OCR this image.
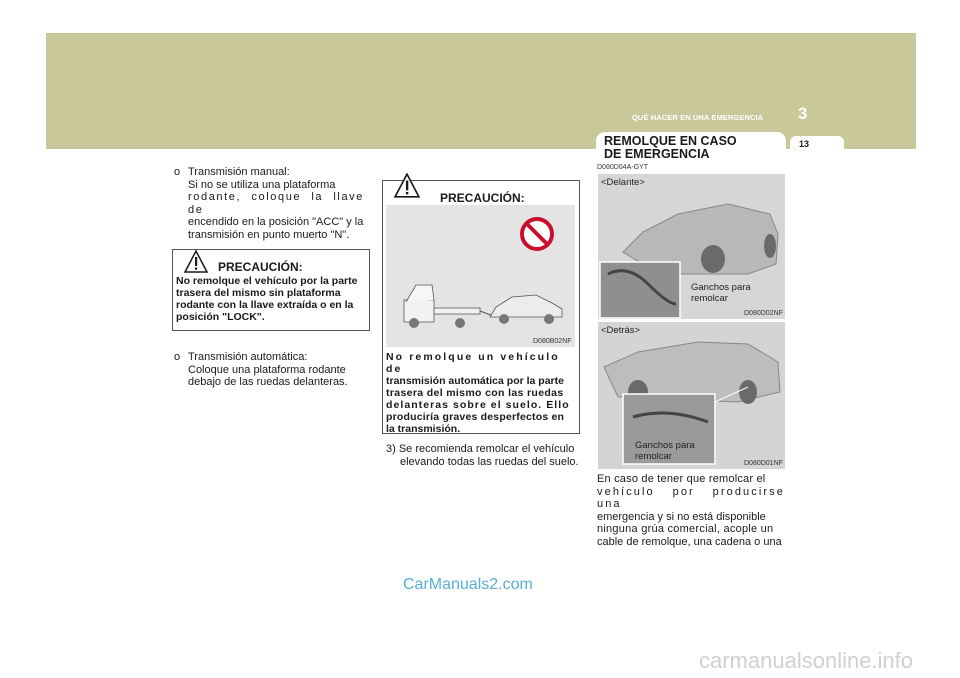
QUÉ HACER EN UNA EMERGENCIA 3
REMOLQUE EN CASO
DE EMERGENCIA
13
o Transmisión manual:
Si no se utiliza una plataforma
rodante, coloque la llave de
encendido en la posición "ACC" y la
transmisión en punto muerto "N".
PRECAUCIÓN:
No remolque el vehículo por la parte
trasera del mismo sin plataforma
rodante con la llave extraída o en la
posición "LOCK".
o Transmisión automática:
Coloque una plataforma rodante
debajo de las ruedas delanteras.
PRECAUCIÓN:
D080B02NF
No remolque un vehículo de
transmisión automática por la parte
trasera del mismo con las ruedas
delanteras sobre el suelo. Ello
produciría graves desperfectos en
la transmisión.
3) Se recomienda remolcar el vehículo
elevando todas las ruedas del suelo.
D080D04A-GYT
<Delante>
Ganchos para
remolcar
D080D02NF
<Detrás>
Ganchos para
remolcar
D080D01NF
En caso de tener que remolcar el
vehículo por producirse una
emergencia y si no está disponible
ninguna grúa comercial, acople un
cable de remolque, una cadena o una
CarManuals2.com
carmanualsonline.info
